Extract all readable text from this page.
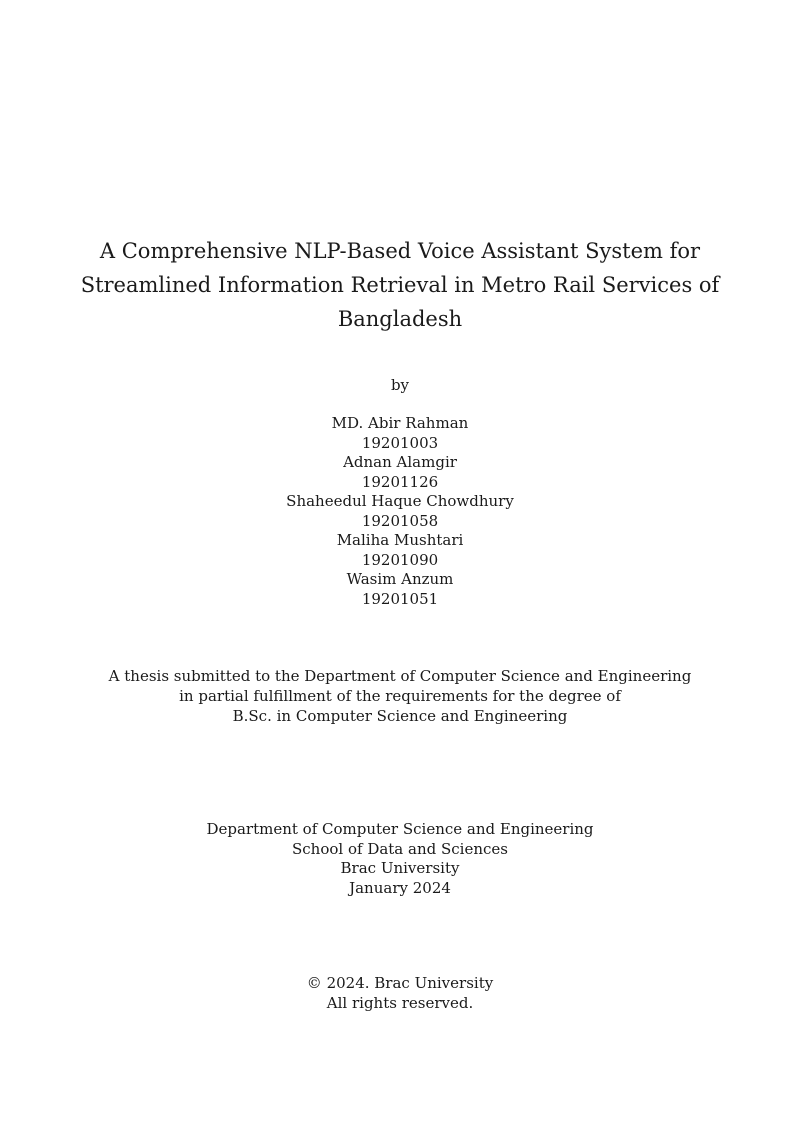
A Comprehensive NLP-Based Voice Assistant System for
Streamlined Information Retrieval in Metro Rail Services of
Bangladesh
by
MD. Abir Rahman
19201003
Adnan Alamgir
19201126
Shaheedul Haque Chowdhury
19201058
Maliha Mushtari
19201090
Wasim Anzum
19201051
A thesis submitted to the Department of Computer Science and Engineering
in partial fulfillment of the requirements for the degree of
B.Sc. in Computer Science and Engineering
Department of Computer Science and Engineering
School of Data and Sciences
Brac University
January 2024
© 2024. Brac University
All rights reserved.
